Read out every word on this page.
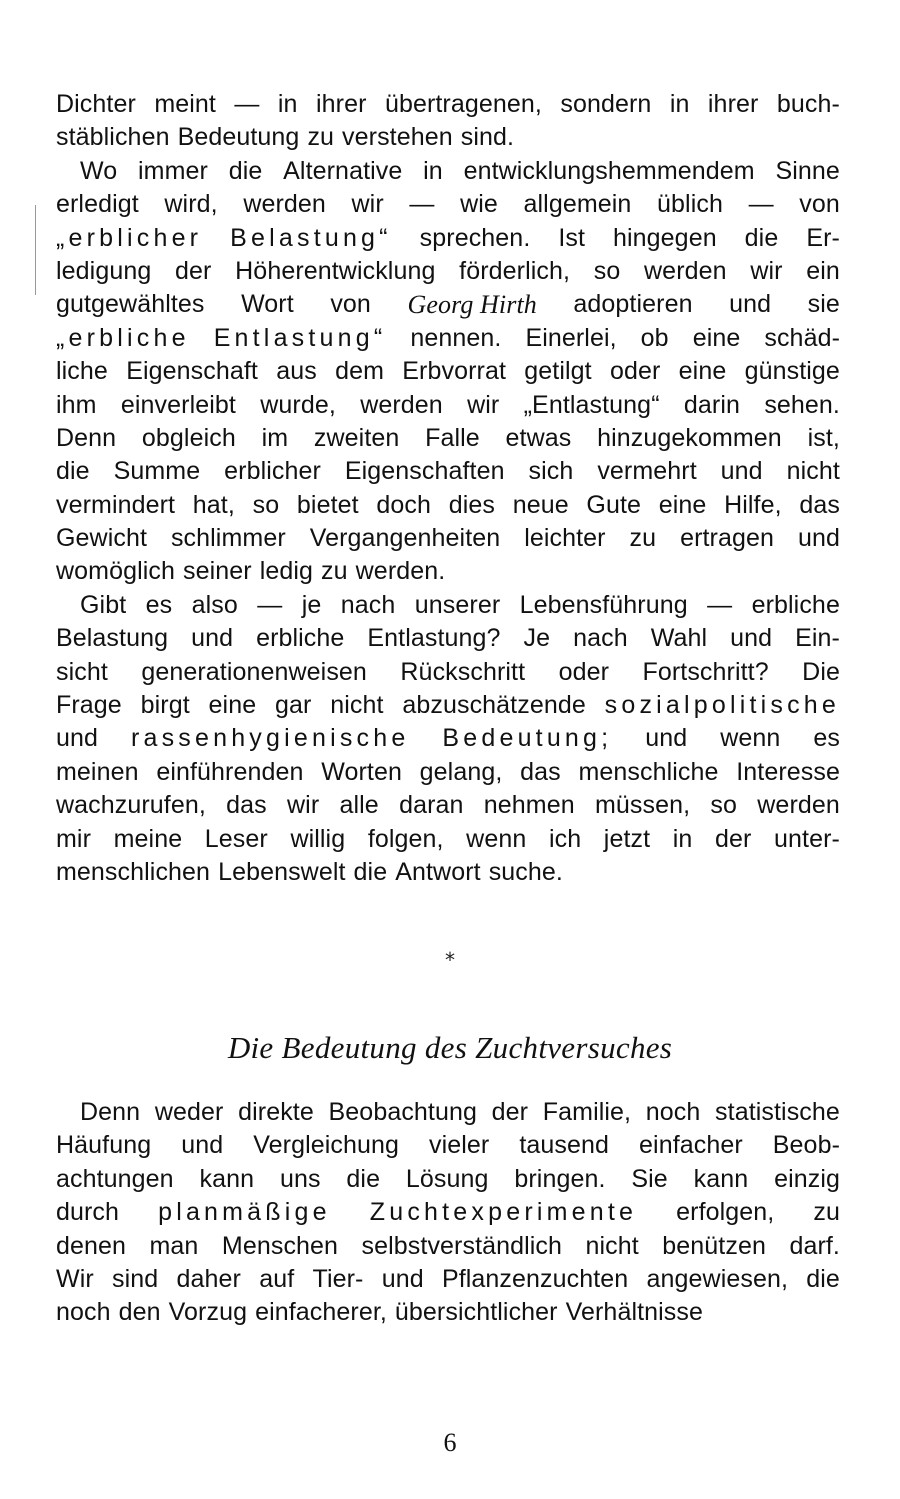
Dichter meint — in ihrer übertragenen, sondern in ihrer buch-
stäblichen Bedeutung zu verstehen sind.
Wo immer die Alternative in entwicklungshemmendem Sinne
erledigt wird, werden wir — wie allgemein üblich — von
„erblicher Belastung“ sprechen. Ist hingegen die Er-
ledigung der Höherentwicklung förderlich, so werden wir ein
gutgewähltes Wort von Georg Hirth adoptieren und sie
„erbliche Entlastung“ nennen. Einerlei, ob eine schäd-
liche Eigenschaft aus dem Erbvorrat getilgt oder eine günstige
ihm einverleibt wurde, werden wir „Entlastung“ darin sehen.
Denn obgleich im zweiten Falle etwas hinzugekommen ist,
die Summe erblicher Eigenschaften sich vermehrt und nicht
vermindert hat, so bietet doch dies neue Gute eine Hilfe, das
Gewicht schlimmer Vergangenheiten leichter zu ertragen und
womöglich seiner ledig zu werden.
Gibt es also — je nach unserer Lebensführung — erbliche
Belastung und erbliche Entlastung? Je nach Wahl und Ein-
sicht generationenweisen Rückschritt oder Fortschritt? Die
Frage birgt eine gar nicht abzuschätzende sozialpolitische
und rassenhygienische Bedeutung; und wenn es
meinen einführenden Worten gelang, das menschliche Interesse
wachzurufen, das wir alle daran nehmen müssen, so werden
mir meine Leser willig folgen, wenn ich jetzt in der unter-
menschlichen Lebenswelt die Antwort suche.
*
Die Bedeutung des Zuchtversuches
Denn weder direkte Beobachtung der Familie, noch statistische
Häufung und Vergleichung vieler tausend einfacher Beob-
achtungen kann uns die Lösung bringen. Sie kann einzig
durch planmäßige Zuchtexperimente erfolgen, zu
denen man Menschen selbstverständlich nicht benützen darf.
Wir sind daher auf Tier- und Pflanzenzuchten angewiesen, die
noch den Vorzug einfacherer, übersichtlicher Verhältnisse
6
